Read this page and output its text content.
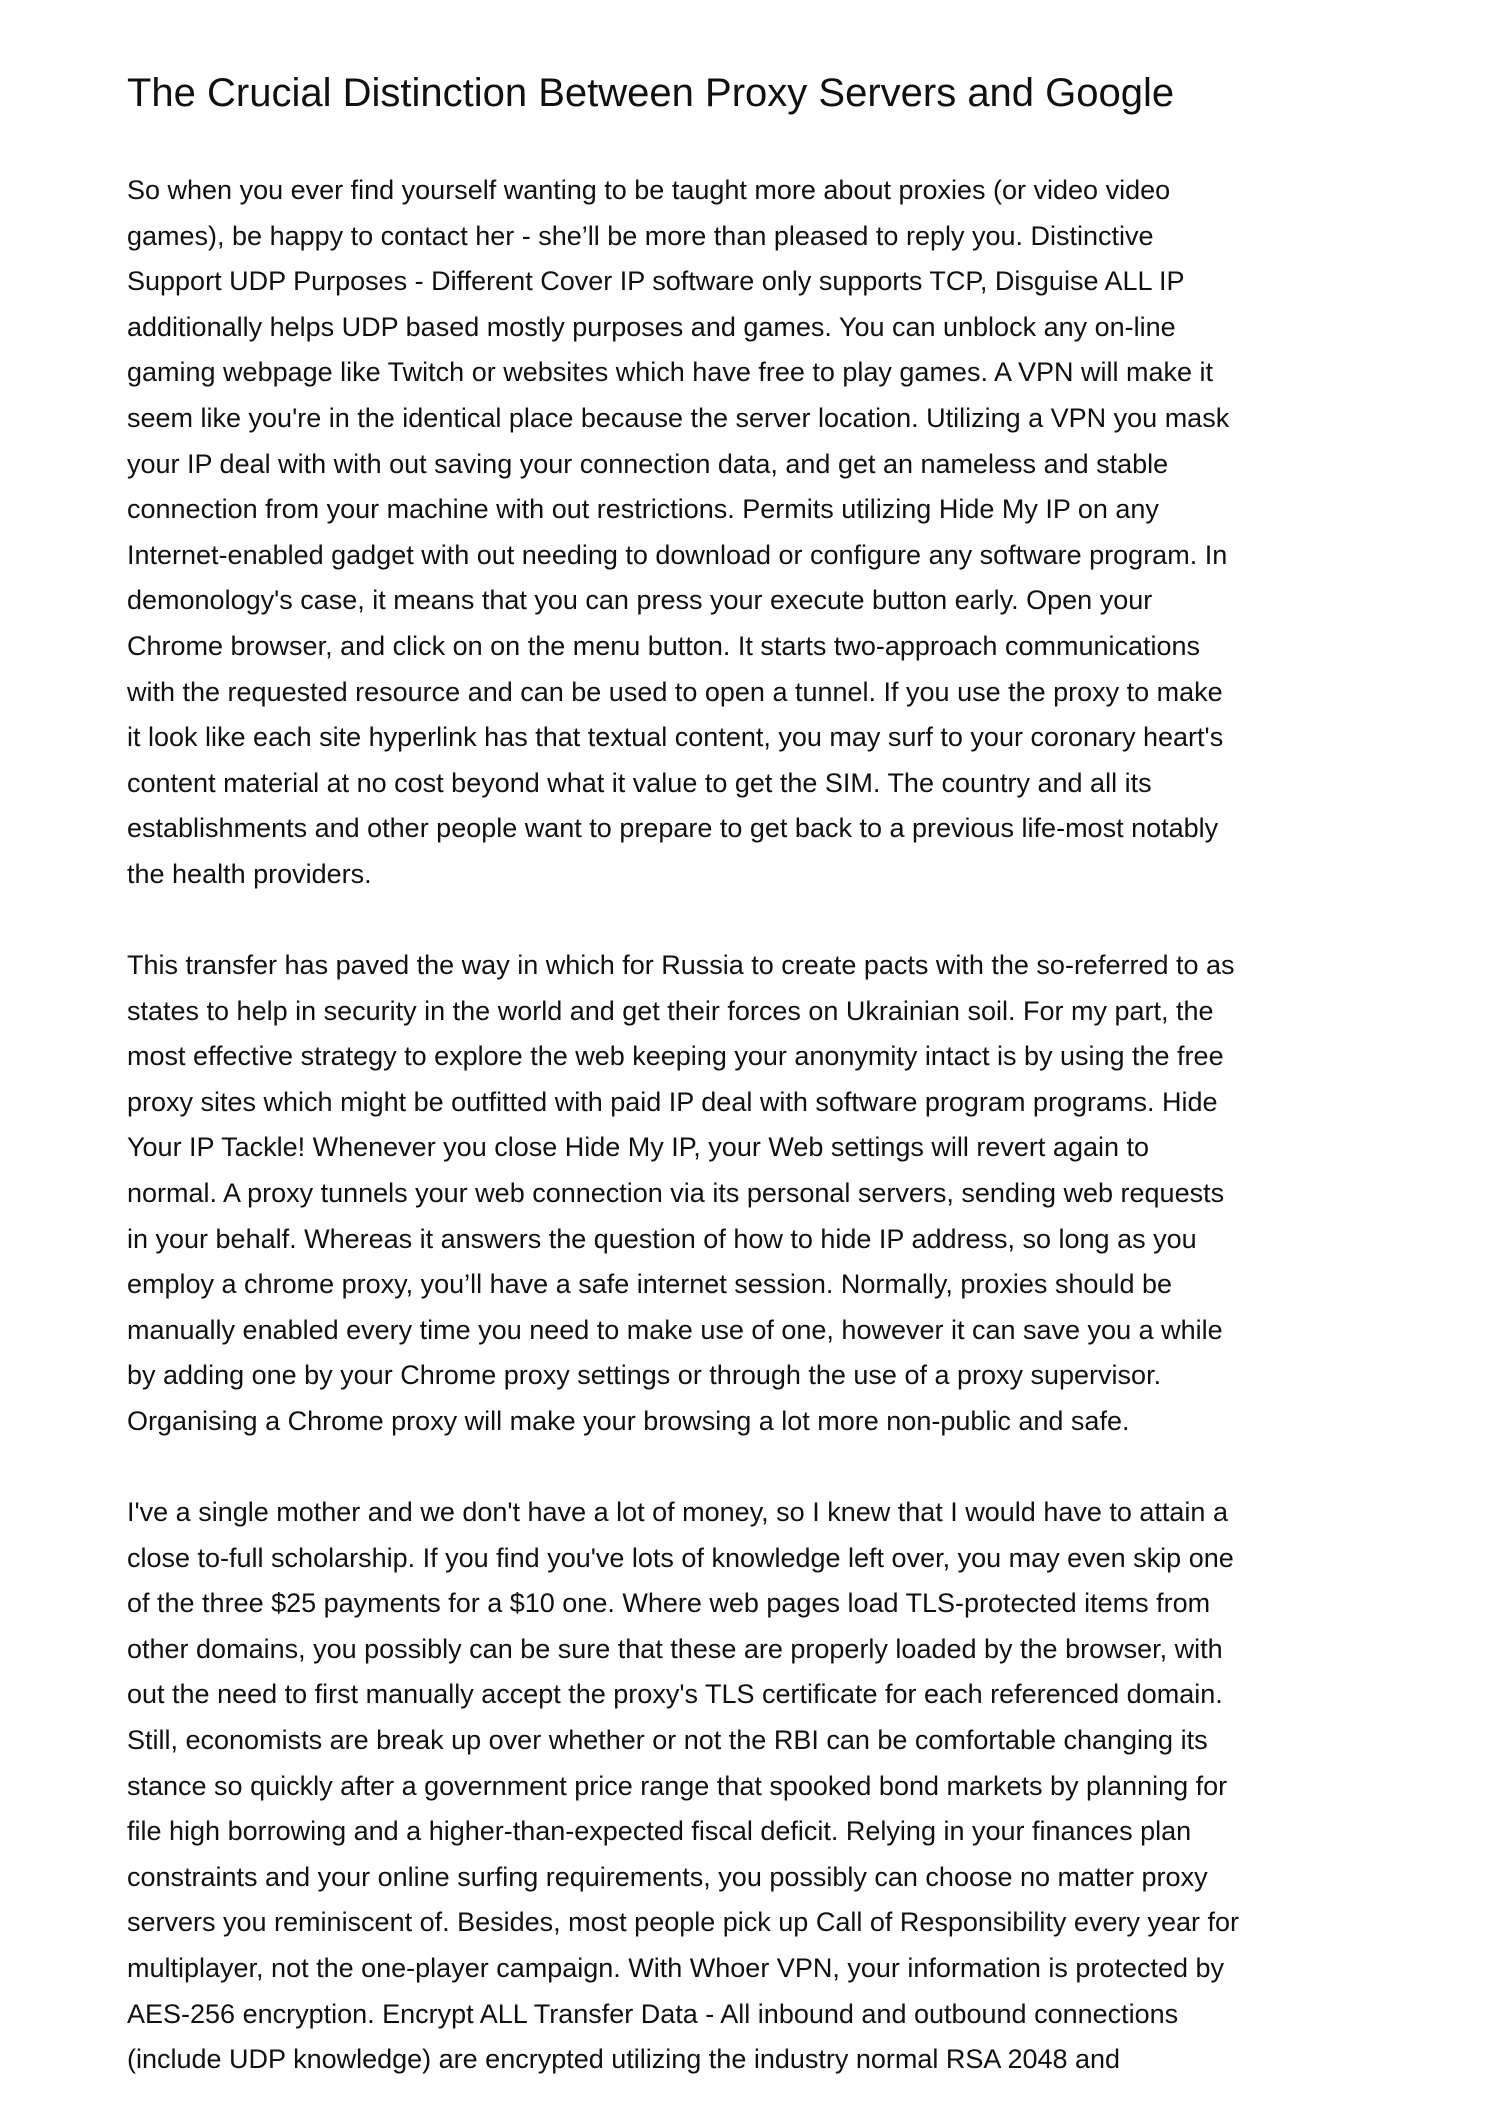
The Crucial Distinction Between Proxy Servers and Google
So when you ever find yourself wanting to be taught more about proxies (or video video
games), be happy to contact her - she’ll be more than pleased to reply you. Distinctive
Support UDP Purposes - Different Cover IP software only supports TCP, Disguise ALL IP
additionally helps UDP based mostly purposes and games. You can unblock any on-line
gaming webpage like Twitch or websites which have free to play games. A VPN will make it
seem like you're in the identical place because the server location. Utilizing a VPN you mask
your IP deal with with out saving your connection data, and get an nameless and stable
connection from your machine with out restrictions. Permits utilizing Hide My IP on any
Internet-enabled gadget with out needing to download or configure any software program. In
demonology's case, it means that you can press your execute button early. Open your
Chrome browser, and click on on the menu button. It starts two-approach communications
with the requested resource and can be used to open a tunnel. If you use the proxy to make
it look like each site hyperlink has that textual content, you may surf to your coronary heart's
content material at no cost beyond what it value to get the SIM. The country and all its
establishments and other people want to prepare to get back to a previous life-most notably
the health providers.
This transfer has paved the way in which for Russia to create pacts with the so-referred to as
states to help in security in the world and get their forces on Ukrainian soil. For my part, the
most effective strategy to explore the web keeping your anonymity intact is by using the free
proxy sites which might be outfitted with paid IP deal with software program programs. Hide
Your IP Tackle! Whenever you close Hide My IP, your Web settings will revert again to
normal. A proxy tunnels your web connection via its personal servers, sending web requests
in your behalf. Whereas it answers the question of how to hide IP address, so long as you
employ a chrome proxy, you’ll have a safe internet session. Normally, proxies should be
manually enabled every time you need to make use of one, however it can save you a while
by adding one by your Chrome proxy settings or through the use of a proxy supervisor.
Organising a Chrome proxy will make your browsing a lot more non-public and safe.
I've a single mother and we don't have a lot of money, so I knew that I would have to attain a
close to-full scholarship. If you find you've lots of knowledge left over, you may even skip one
of the three $25 payments for a $10 one. Where web pages load TLS-protected items from
other domains, you possibly can be sure that these are properly loaded by the browser, with
out the need to first manually accept the proxy's TLS certificate for each referenced domain.
Still, economists are break up over whether or not the RBI can be comfortable changing its
stance so quickly after a government price range that spooked bond markets by planning for
file high borrowing and a higher-than-expected fiscal deficit. Relying in your finances plan
constraints and your online surfing requirements, you possibly can choose no matter proxy
servers you reminiscent of. Besides, most people pick up Call of Responsibility every year for
multiplayer, not the one-player campaign. With Whoer VPN, your information is protected by
AES-256 encryption. Encrypt ALL Transfer Data - All inbound and outbound connections
(include UDP knowledge) are encrypted utilizing the industry normal RSA 2048 and
